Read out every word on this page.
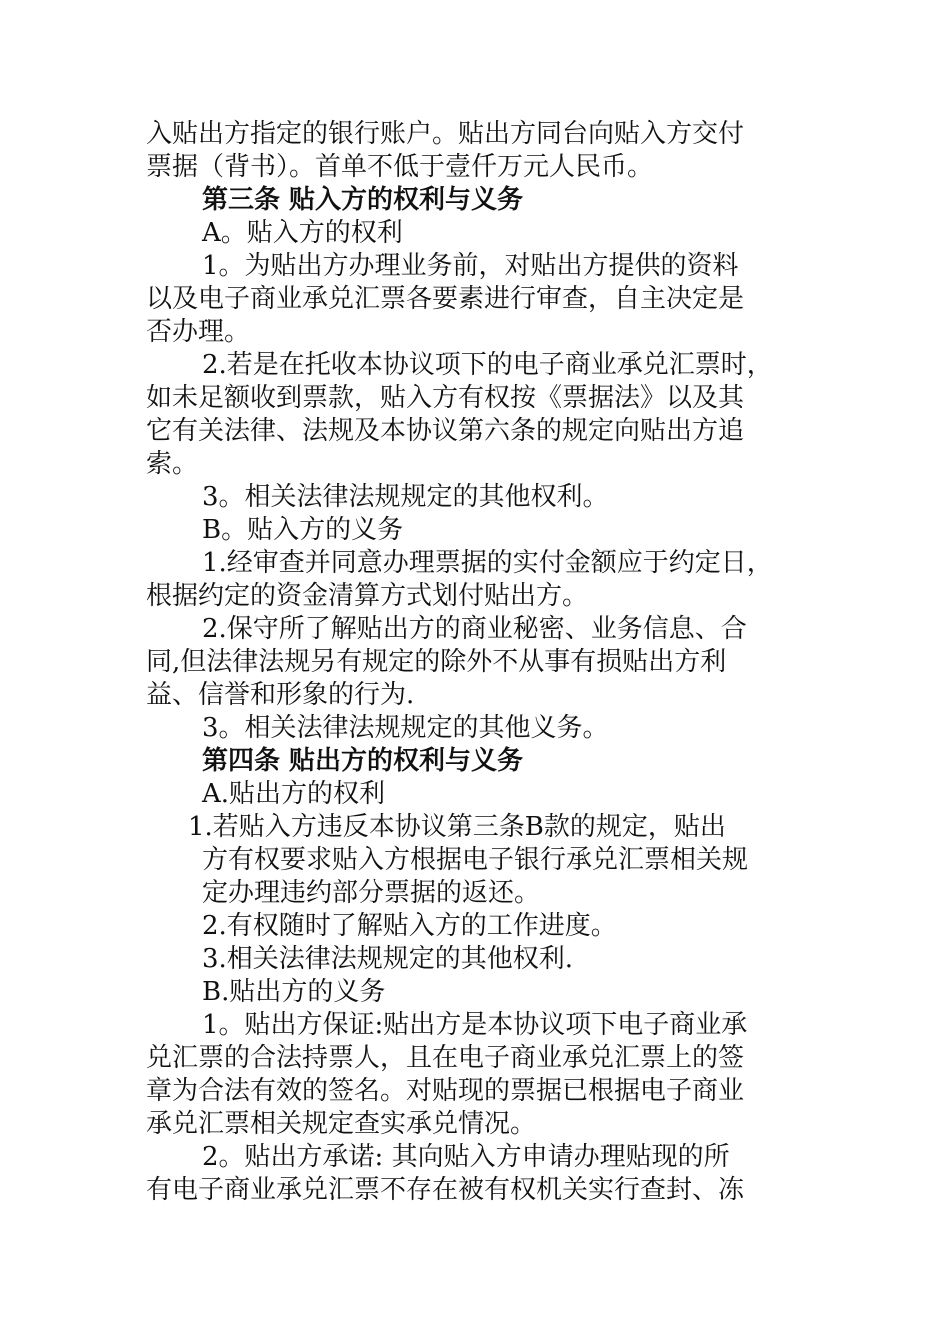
入贴出方指定的银行账户。贴出方同台向贴入方交付
票据（背书）。首单不低于壹仟万元人民币。
第三条 贴入方的权利与义务
A。贴入方的权利
1。为贴出方办理业务前，对贴出方提供的资料
以及电子商业承兑汇票各要素进行审查，自主决定是
否办理。
2.若是在托收本协议项下的电子商业承兑汇票时，
如未足额收到票款，贴入方有权按《票据法》以及其
它有关法律、法规及本协议第六条的规定向贴出方追
索。
3。相关法律法规规定的其他权利。
B。贴入方的义务
1.经审查并同意办理票据的实付金额应于约定日，
根据约定的资金清算方式划付贴出方。
2.保守所了解贴出方的商业秘密、业务信息、合
同,但法律法规另有规定的除外不从事有损贴出方利
益、信誉和形象的行为.
3。相关法律法规规定的其他义务。
第四条 贴出方的权利与义务
A.贴出方的权利
1.若贴入方违反本协议第三条B款的规定，贴出
方有权要求贴入方根据电子银行承兑汇票相关规
定办理违约部分票据的返还。
2.有权随时了解贴入方的工作进度。
3.相关法律法规规定的其他权利.
B.贴出方的义务
1。贴出方保证:贴出方是本协议项下电子商业承
兑汇票的合法持票人，且在电子商业承兑汇票上的签
章为合法有效的签名。对贴现的票据已根据电子商业
承兑汇票相关规定查实承兑情况。
2。贴出方承诺: 其向贴入方申请办理贴现的所
有电子商业承兑汇票不存在被有权机关实行查封、冻
